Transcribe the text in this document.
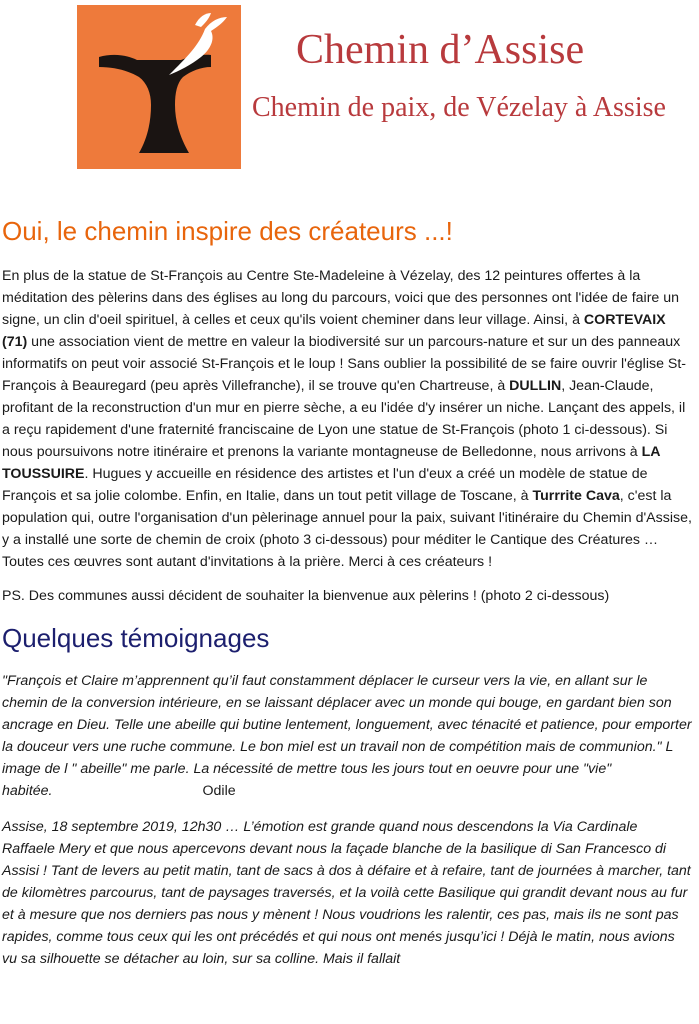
Chemin d’Assise
Chemin de paix, de Vézelay à Assise
Oui, le chemin inspire des créateurs ...!

En plus de la statue de St-François au Centre Ste-Madeleine à Vézelay, des 12 peintures offertes à la méditation des pèlerins dans des églises au long du parcours, voici que des personnes ont l'idée de faire un signe, un clin d'oeil spirituel, à celles et ceux qu'ils voient cheminer dans leur village. Ainsi, à CORTEVAIX (71) une association vient de mettre en valeur la biodiversité sur un parcours-nature et sur un des panneaux informatifs on peut voir associé St-François et le loup ! Sans oublier la possibilité de se faire ouvrir l'église St-François à Beauregard (peu après Villefranche), il se trouve qu'en Chartreuse, à DULLIN, Jean-Claude, profitant de la reconstruction d'un mur en pierre sèche, a eu l'idée d'y insérer un niche. Lançant des appels, il a reçu rapidement d'une fraternité franciscaine de Lyon une statue de St-François (photo 1 ci-dessous). Si nous poursuivons notre itinéraire et prenons la variante montagneuse de Belledonne, nous arrivons à LA TOUSSUIRE. Hugues y accueille en résidence des artistes et l'un d'eux a créé un modèle de statue de François et sa jolie colombe. Enfin, en Italie, dans un tout petit village de Toscane, à Turrrite Cava, c'est la population qui, outre l'organisation d'un pèlerinage annuel pour la paix, suivant l'itinéraire du Chemin d'Assise, y a installé une sorte de chemin de croix (photo 3 ci-dessous) pour méditer le Cantique des Créatures … Toutes ces œuvres sont autant d'invitations à la prière. Merci à ces créateurs !

PS. Des communes aussi décident de souhaiter la bienvenue aux pèlerins ! (photo 2 ci-dessous)

Quelques témoignages

"François et Claire m’apprennent qu’il faut constamment déplacer le curseur vers la vie, en allant sur le chemin de la conversion intérieure, en se laissant déplacer avec un monde qui bouge, en gardant bien son ancrage en Dieu. Telle une abeille qui butine lentement, longuement, avec ténacité et patience, pour emporter la douceur vers une ruche commune. Le bon miel est un travail non de compétition mais de communion." L image de l " abeille" me parle. La nécessité de mettre tous les jours tout en oeuvre pour une "vie" habitée.	Odile

Assise, 18 septembre 2019, 12h30 … L’émotion est grande quand nous descendons la Via Cardinale Raffaele Mery et que nous apercevons devant nous la façade blanche de la basilique di San Francesco di Assisi ! Tant de levers au petit matin, tant de sacs à dos à défaire et à refaire, tant de journées à marcher, tant de kilomètres parcourus, tant de paysages traversés, et la voilà cette Basilique qui grandit devant nous au fur et à mesure que nos derniers pas nous y mènent ! Nous voudrions les ralentir, ces pas, mais ils ne sont pas rapides, comme tous ceux qui les ont précédés et qui nous ont menés jusqu’ici ! Déjà le matin, nous avions vu sa silhouette se détacher au loin, sur sa colline. Mais il fallait
